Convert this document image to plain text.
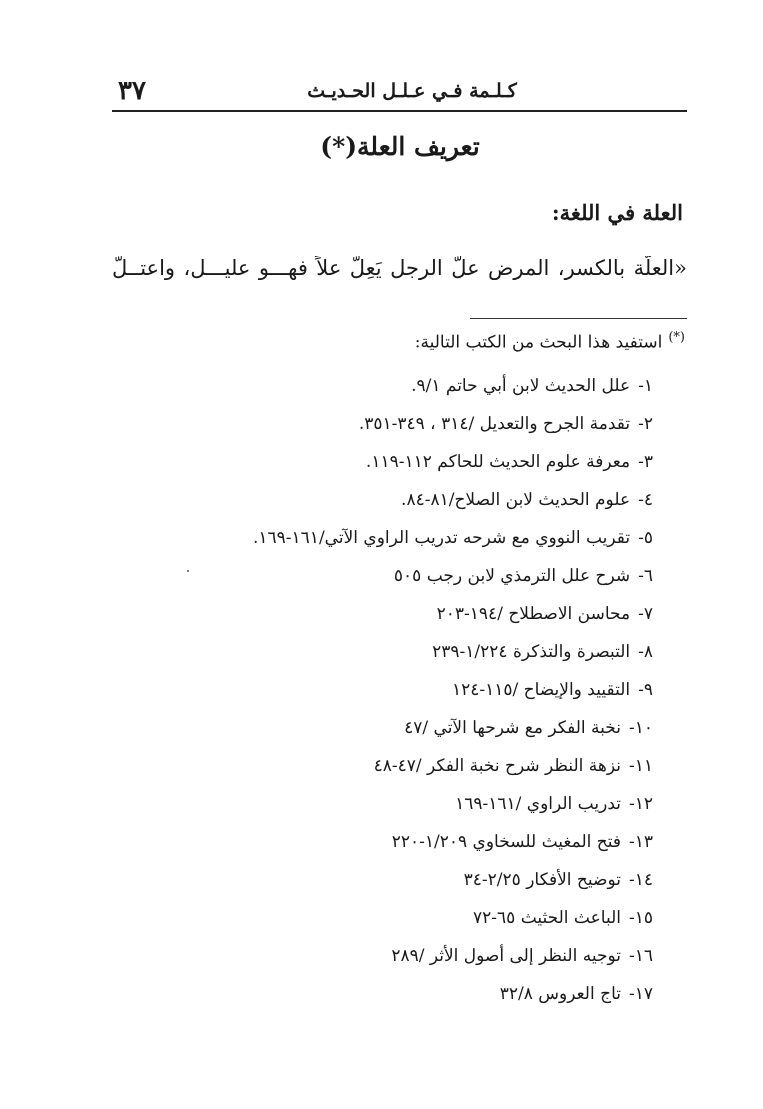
٣٧	كـلـمة فـي عـلـل الحـديـث
تعريف العلة(*)
العلة في اللغة:
«العلّة بالكسر، المرض علّ الرجل يَعِلّ علاً فهـــو عليـــل، واعتــلّ
(*)استفيد هذا البحث من الكتب التالية:
١-علل الحديث لابن أبي حاتم ٩/١.
٢-تقدمة الجرح والتعديل /٣١٤ ، ٣٤٩-٣٥١.
٣-معرفة علوم الحديث للحاكم ١١٢-١١٩.
٤-علوم الحديث لابن الصلاح/٨١-٨٤.
٥-تقريب النووي مع شرحه تدريب الراوي الآتي/١٦١-١٦٩.
٦-شرح علل الترمذي لابن رجب ٥٠٥
٧-محاسن الاصطلاح /١٩٤-٢٠٣
٨-التبصرة والتذكرة ١/٢٢٤-٢٣٩
٩-التقييد والإيضاح /١١٥-١٢٤
١٠-نخبة الفكر مع شرحها الآتي /٤٧
١١-نزهة النظر شرح نخبة الفكر /٤٧-٤٨
١٢-تدريب الراوي /١٦١-١٦٩
١٣-فتح المغيث للسخاوي ١/٢٠٩-٢٢٠
١٤-توضيح الأفكار ٢/٢٥-٣٤
١٥-الباعث الحثيث ٦٥-٧٢
١٦-توجيه النظر إلى أصول الأثر /٢٨٩
١٧-تاج العروس ٣٢/٨
